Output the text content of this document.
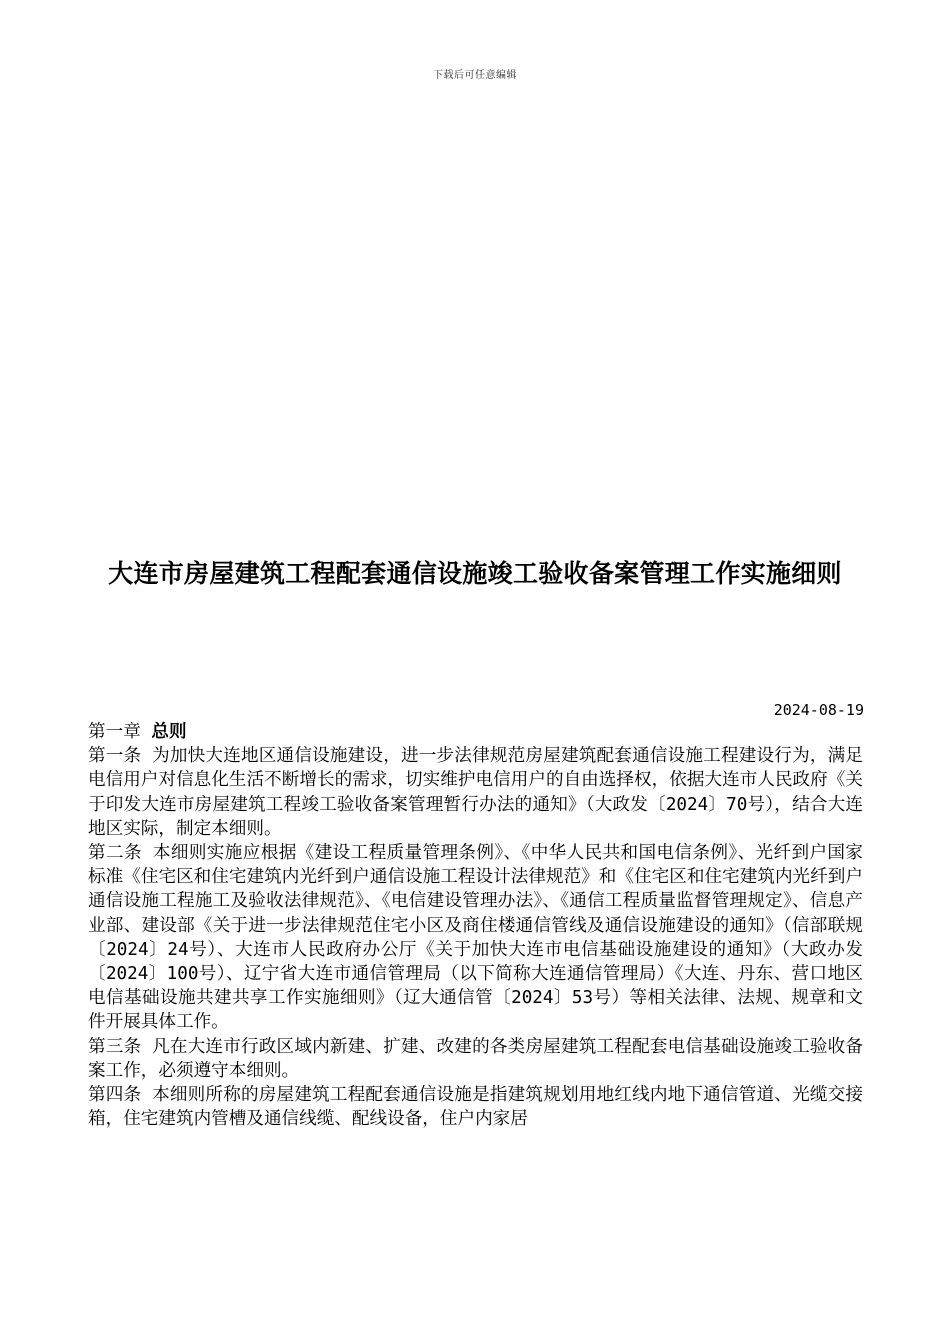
下载后可任意编辑
大连市房屋建筑工程配套通信设施竣工验收备案管理工作实施细则
2024-08-19

第一章 总则

第一条 为加快大连地区通信设施建设，进一步法律规范房屋建筑配套通信设施工程建设行为，满足电信用户对信息化生活不断增长的需求，切实维护电信用户的自由选择权，依据大连市人民政府《关于印发大连市房屋建筑工程竣工验收备案管理暂行办法的通知》（大政发〔2024〕70号），结合大连地区实际，制定本细则。

第二条 本细则实施应根据《建设工程质量管理条例》、《中华人民共和国电信条例》、光纤到户国家标准《住宅区和住宅建筑内光纤到户通信设施工程设计法律规范》和《住宅区和住宅建筑内光纤到户通信设施工程施工及验收法律规范》、《电信建设管理办法》、《通信工程质量监督管理规定》、信息产业部、建设部《关于进一步法律规范住宅小区及商住楼通信管线及通信设施建设的通知》（信部联规〔2024〕24号）、大连市人民政府办公厅《关于加快大连市电信基础设施建设的通知》（大政办发〔2024〕100号）、辽宁省大连市通信管理局（以下简称大连通信管理局）《大连、丹东、营口地区电信基础设施共建共享工作实施细则》（辽大通信管〔2024〕53号）等相关法律、法规、规章和文件开展具体工作。

第三条 凡在大连市行政区域内新建、扩建、改建的各类房屋建筑工程配套电信基础设施竣工验收备案工作，必须遵守本细则。

第四条 本细则所称的房屋建筑工程配套通信设施是指建筑规划用地红线内地下通信管道、光缆交接箱，住宅建筑内管槽及通信线缆、配线设备，住户内家居
